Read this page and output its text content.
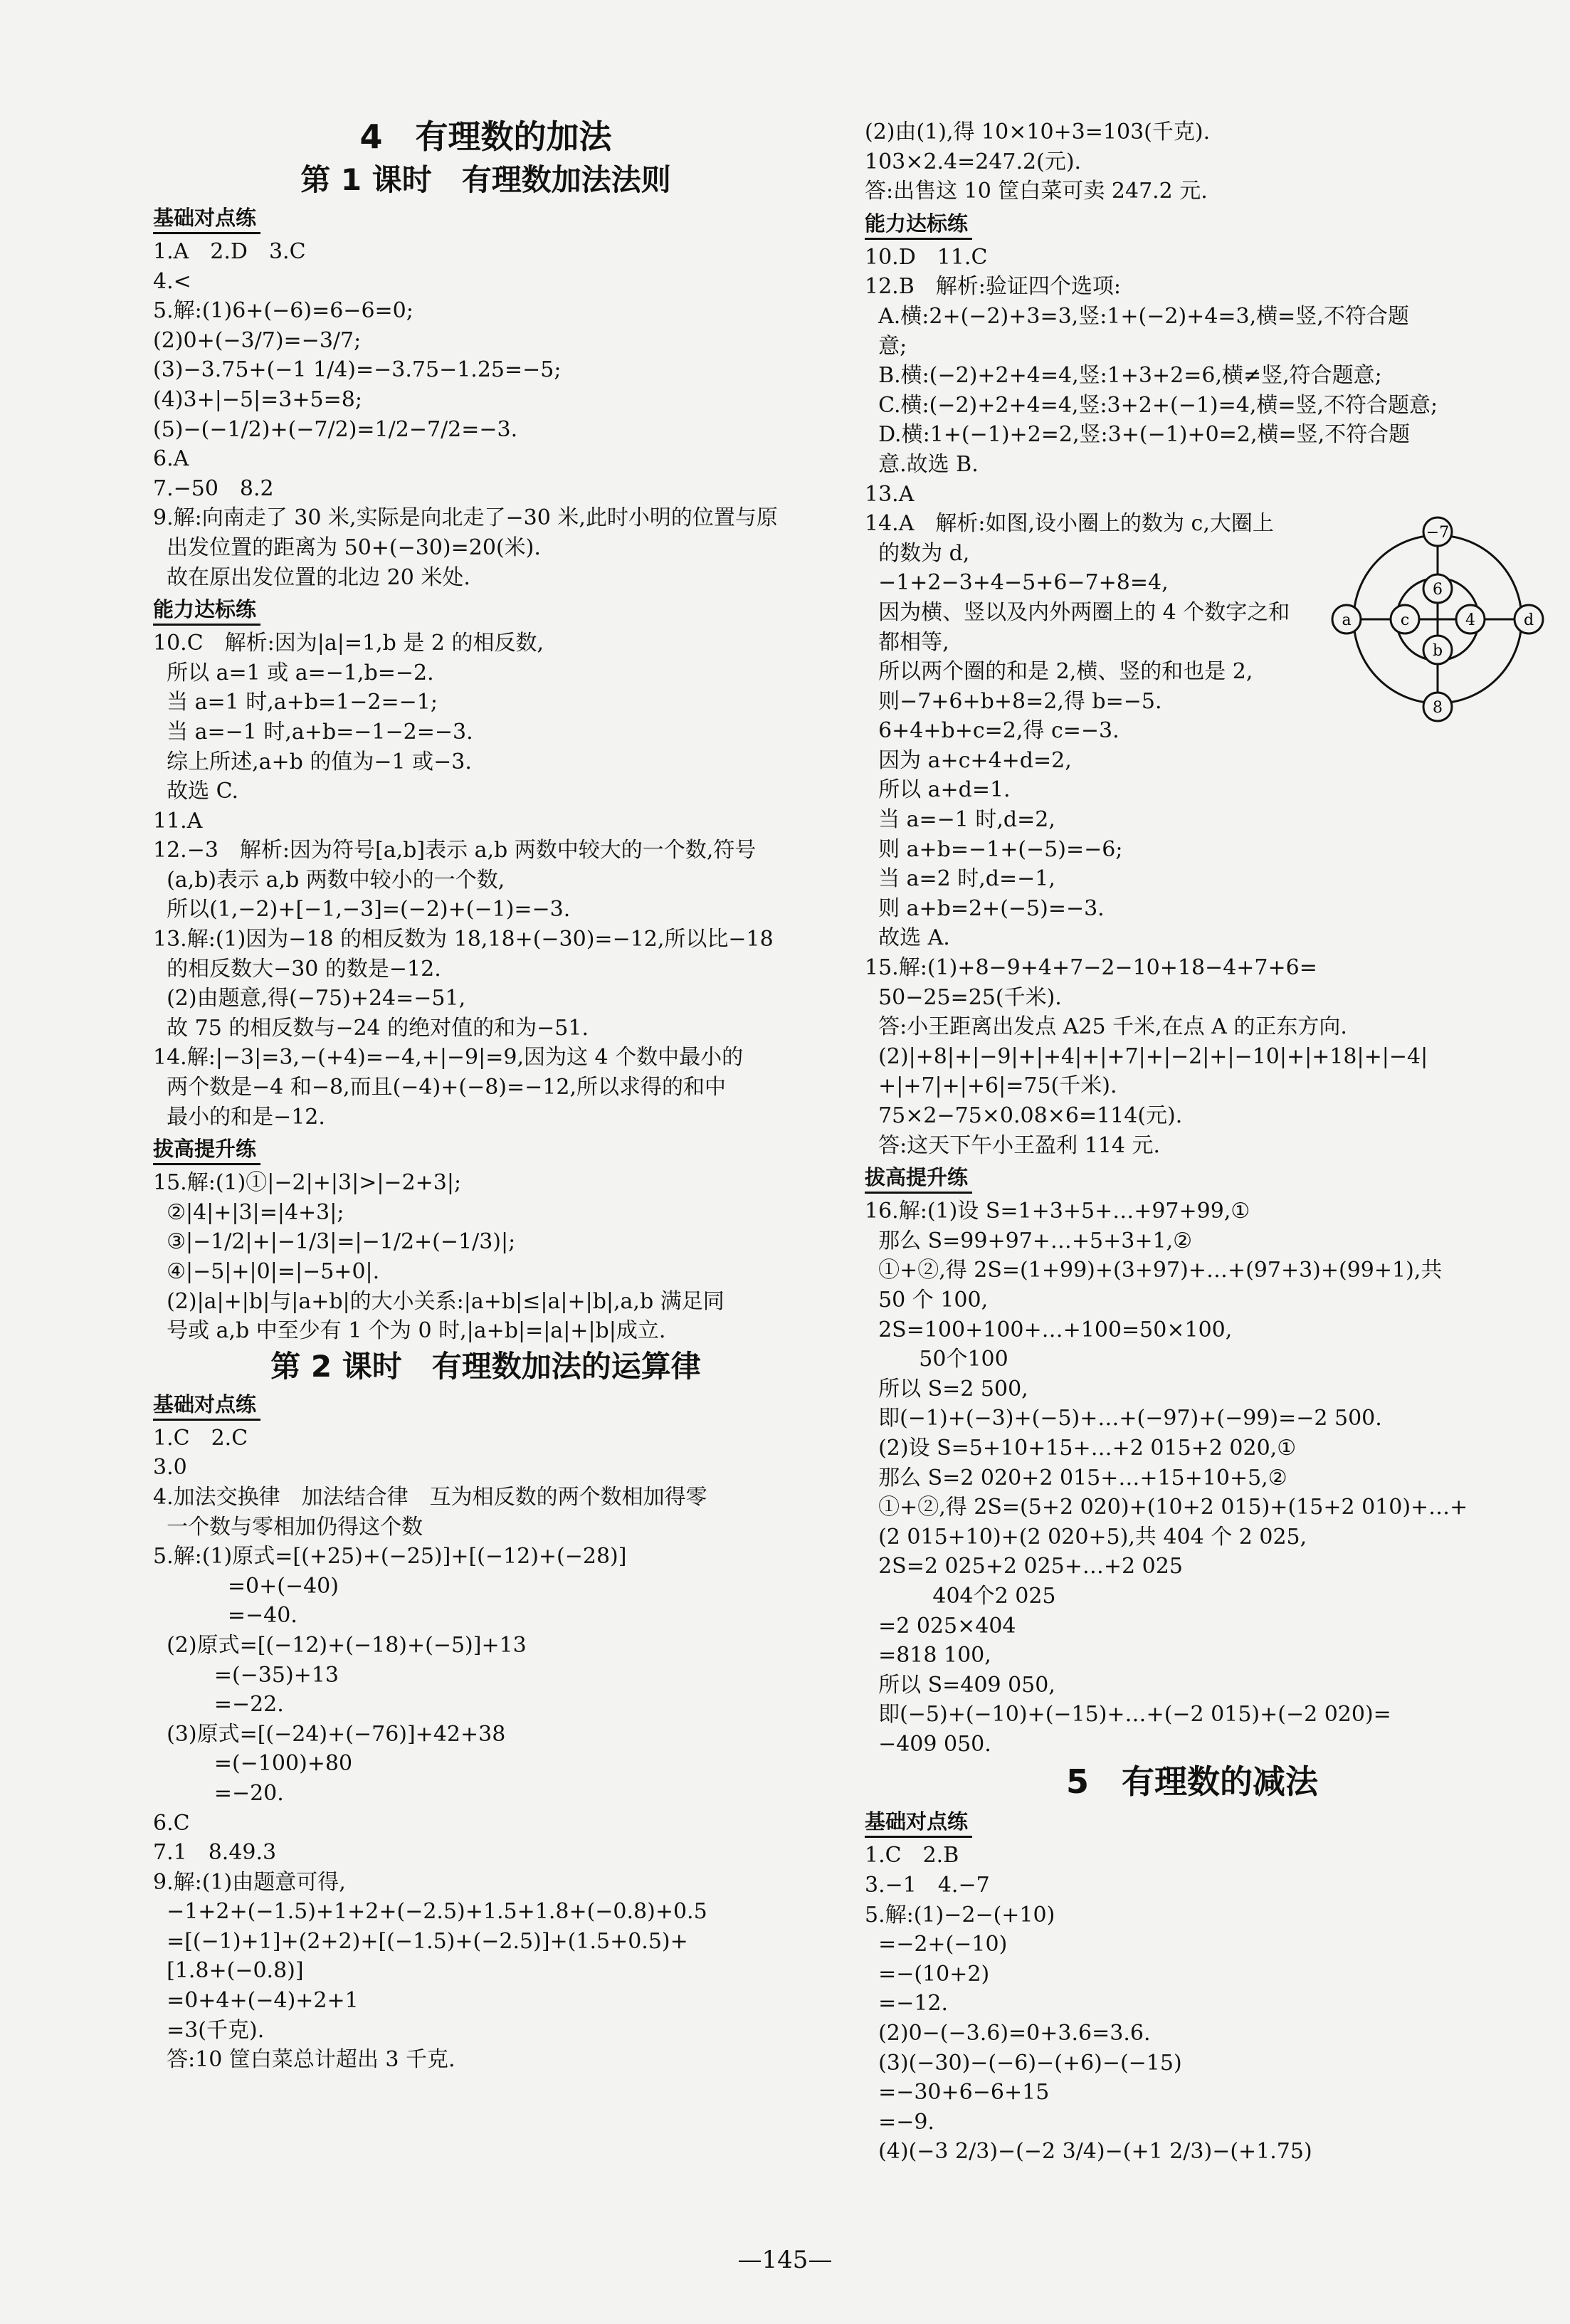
4　有理数的加法
第 1 课时　有理数加法法则
基础对点练
1.A　2.D　3.C
4.<
5.解:(1)6+(−6)=6−6=0;
(2)0+(−3/7)=−3/7;
(3)−3.75+(−1 1/4)=−3.75−1.25=−5;
(4)3+|−5|=3+5=8;
(5)−(−1/2)+(−7/2)=1/2−7/2=−3.
6.A
7.−50　8.2
9.解:向南走了 30 米,实际是向北走了−30 米,此时小明的位置与原
出发位置的距离为 50+(−30)=20(米).
故在原出发位置的北边 20 米处.
能力达标练
10.C　解析:因为|a|=1,b 是 2 的相反数,
所以 a=1 或 a=−1,b=−2.
当 a=1 时,a+b=1−2=−1;
当 a=−1 时,a+b=−1−2=−3.
综上所述,a+b 的值为−1 或−3.
故选 C.
11.A
12.−3　解析:因为符号[a,b]表示 a,b 两数中较大的一个数,符号
(a,b)表示 a,b 两数中较小的一个数,
所以(1,−2)+[−1,−3]=(−2)+(−1)=−3.
13.解:(1)因为−18 的相反数为 18,18+(−30)=−12,所以比−18
的相反数大−30 的数是−12.
(2)由题意,得(−75)+24=−51,
故 75 的相反数与−24 的绝对值的和为−51.
14.解:|−3|=3,−(+4)=−4,+|−9|=9,因为这 4 个数中最小的
两个数是−4 和−8,而且(−4)+(−8)=−12,所以求得的和中
最小的和是−12.
拔高提升练
15.解:(1)①|−2|+|3|>|−2+3|;
②|4|+|3|=|4+3|;
③|−1/2|+|−1/3|=|−1/2+(−1/3)|;
④|−5|+|0|=|−5+0|.
(2)|a|+|b|与|a+b|的大小关系:|a+b|≤|a|+|b|,a,b 满足同
号或 a,b 中至少有 1 个为 0 时,|a+b|=|a|+|b|成立.
第 2 课时　有理数加法的运算律
基础对点练
1.C　2.C
3.0
4.加法交换律　加法结合律　互为相反数的两个数相加得零
一个数与零相加仍得这个数
5.解:(1)原式=[(+25)+(−25)]+[(−12)+(−28)]
=0+(−40)
=−40.
(2)原式=[(−12)+(−18)+(−5)]+13
=(−35)+13
=−22.
(3)原式=[(−24)+(−76)]+42+38
=(−100)+80
=−20.
6.C
7.1　8.49.3
9.解:(1)由题意可得,
−1+2+(−1.5)+1+2+(−2.5)+1.5+1.8+(−0.8)+0.5
=[(−1)+1]+(2+2)+[(−1.5)+(−2.5)]+(1.5+0.5)+
[1.8+(−0.8)]
=0+4+(−4)+2+1
=3(千克).
答:10 筐白菜总计超出 3 千克.
(2)由(1),得 10×10+3=103(千克).
103×2.4=247.2(元).
答:出售这 10 筐白菜可卖 247.2 元.
能力达标练
10.D　11.C
12.B　解析:验证四个选项:
A.横:2+(−2)+3=3,竖:1+(−2)+4=3,横=竖,不符合题
意;
B.横:(−2)+2+4=4,竖:1+3+2=6,横≠竖,符合题意;
C.横:(−2)+2+4=4,竖:3+2+(−1)=4,横=竖,不符合题意;
D.横:1+(−1)+2=2,竖:3+(−1)+0=2,横=竖,不符合题
意.故选 B.
13.A
14.A　解析:如图,设小圈上的数为 c,大圈上
的数为 d,
−1+2−3+4−5+6−7+8=4,
因为横、竖以及内外两圈上的 4 个数字之和
都相等,
所以两个圈的和是 2,横、竖的和也是 2,
则−7+6+b+8=2,得 b=−5.
6+4+b+c=2,得 c=−3.
因为 a+c+4+d=2,
所以 a+d=1.
当 a=−1 时,d=2,
则 a+b=−1+(−5)=−6;
当 a=2 时,d=−1,
则 a+b=2+(−5)=−3.
故选 A.
15.解:(1)+8−9+4+7−2−10+18−4+7+6=
50−25=25(千米).
答:小王距离出发点 A25 千米,在点 A 的正东方向.
(2)|+8|+|−9|+|+4|+|+7|+|−2|+|−10|+|+18|+|−4|
+|+7|+|+6|=75(千米).
75×2−75×0.08×6=114(元).
答:这天下午小王盈利 114 元.
拔高提升练
16.解:(1)设 S=1+3+5+…+97+99,①
那么 S=99+97+…+5+3+1,②
①+②,得 2S=(1+99)+(3+97)+…+(97+3)+(99+1),共
50 个 100,
2S=100+100+…+100=50×100,
50个100
所以 S=2 500,
即(−1)+(−3)+(−5)+…+(−97)+(−99)=−2 500.
(2)设 S=5+10+15+…+2 015+2 020,①
那么 S=2 020+2 015+…+15+10+5,②
①+②,得 2S=(5+2 020)+(10+2 015)+(15+2 010)+…+
(2 015+10)+(2 020+5),共 404 个 2 025,
2S=2 025+2 025+…+2 025
404个2 025
=2 025×404
=818 100,
所以 S=409 050,
即(−5)+(−10)+(−15)+…+(−2 015)+(−2 020)=
−409 050.
5　有理数的减法
基础对点练
1.C　2.B
3.−1　4.−7
5.解:(1)−2−(+10)
=−2+(−10)
=−(10+2)
=−12.
(2)0−(−3.6)=0+3.6=3.6.
(3)(−30)−(−6)−(+6)−(−15)
=−30+6−6+15
=−9.
(4)(−3 2/3)−(−2 3/4)−(+1 2/3)−(+1.75)
−7
a	d
8
6
c	4
b
—145—
